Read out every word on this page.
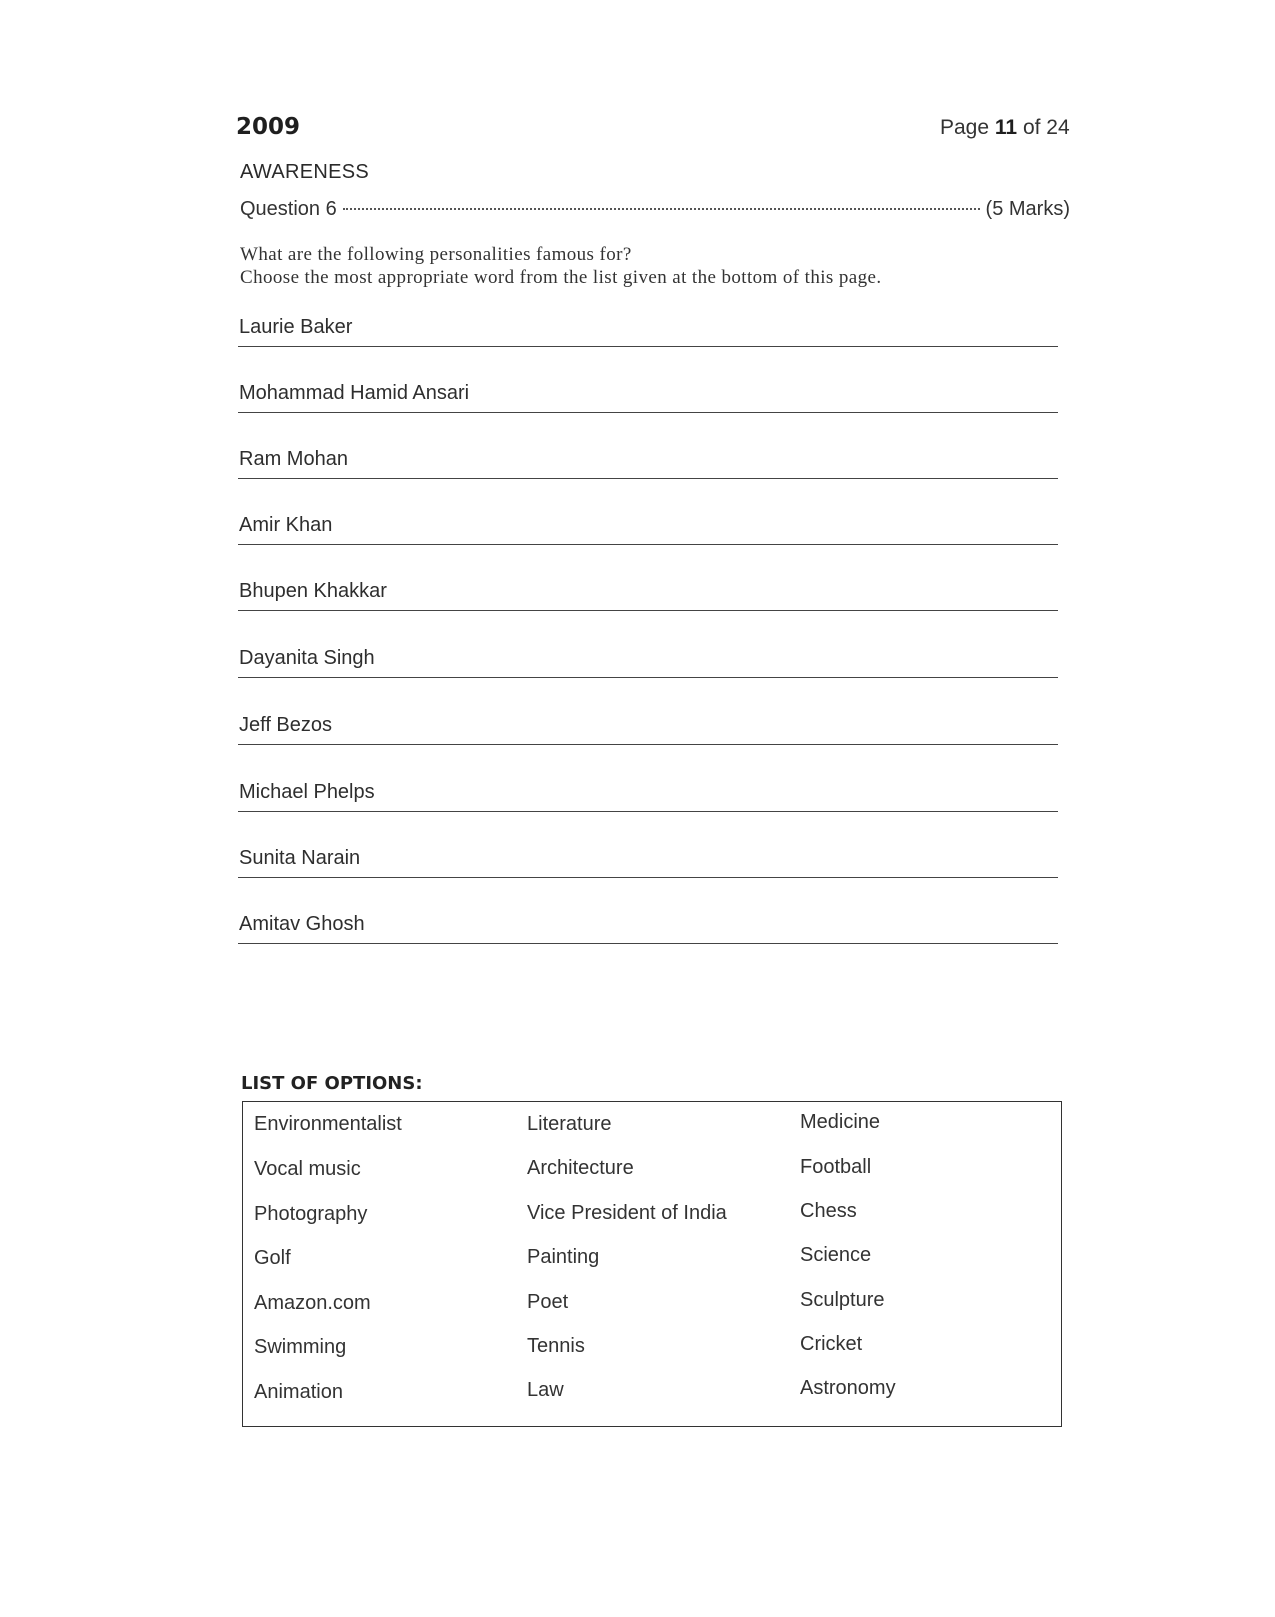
2009	Page 11 of 24
AWARENESS
Question 6	(5 Marks)
What are the following personalities famous for?
Choose the most appropriate word from the list given at the bottom of this page.
Laurie Baker
Mohammad Hamid Ansari
Ram Mohan
Amir Khan
Bhupen Khakkar
Dayanita Singh
Jeff Bezos
Michael Phelps
Sunita Narain
Amitav Ghosh
LIST OF OPTIONS:
Environmentalist
Vocal music
Photography
Golf
Amazon.com
Swimming
Animation
Literature
Architecture
Vice President of India
Painting
Poet
Tennis
Law
Medicine
Football
Chess
Science
Sculpture
Cricket
Astronomy
